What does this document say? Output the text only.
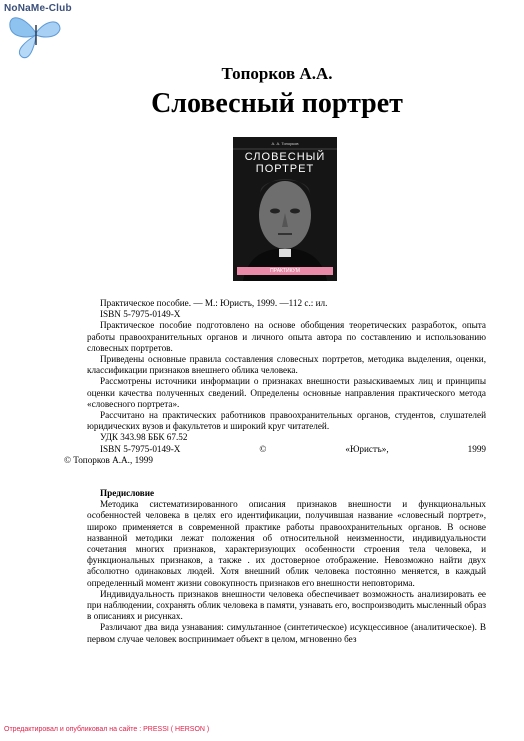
NoNaMe-Club
Топорков А.А.
Словесный портрет
А. А. Топорков
СЛОВЕСНЫЙ
ПОРТРЕТ
ПРАКТИКУМ

Практическое пособие. — М.: Юристъ, 1999. —112 с.: ил.

ISBN 5-7975-0149-X

Практическое пособие подготовлено на основе обобщения теоретических разработок, опыта работы правоохранительных органов и личного опыта автора по составлению и использованию словесных портретов.

Приведены основные правила составления словесных портретов, методика выделения, оценки, классификации признаков внешнего облика человека.

Рассмотрены источники информации о признаках внешности разыскиваемых лиц и принципы оценки качества полученных сведений. Определены основные направления практического метода «словесного портрета».

Рассчитано на практических работников правоохранительных органов, студентов, слушателей юридических вузов и факультетов и широкий круг читателей.

УДК 343.98 ББК 67.52

ISBN 5-7975-0149-X	©	«Юристъ»,	1999

© Топорков А.А., 1999

Предисловие

Методика систематизированного описания признаков внешности и функциональных особенностей человека в целях его идентификации, получившая название «словесный портрет», широко применяется в современной практике работы правоохранительных органов. В основе названной методики лежат положения об относительной неизменности, индивидуальности сочетания многих признаков, характеризующих особенности строения тела человека, и функциональных признаков, а также . их достоверное отображение. Невозможно найти двух абсолютно одинаковых людей. Хотя внешний облик человека постоянно меняется, в каждый определенный момент жизни совокупность признаков его внешности неповторима.

Индивидуальность признаков внешности человека обеспечивает возможность анализировать ее при наблюдении, сохранять облик человека в памяти, узнавать его, воспроизводить мысленный образ в описаниях и рисунках.

Различают два вида узнавания: симультанное (синтетическое) исукцессивное (аналитическое). В первом случае человек воспринимает объект в целом, мгновенно без

Отредактировал и опубликовал на сайте : PRESSI ( HERSON )
